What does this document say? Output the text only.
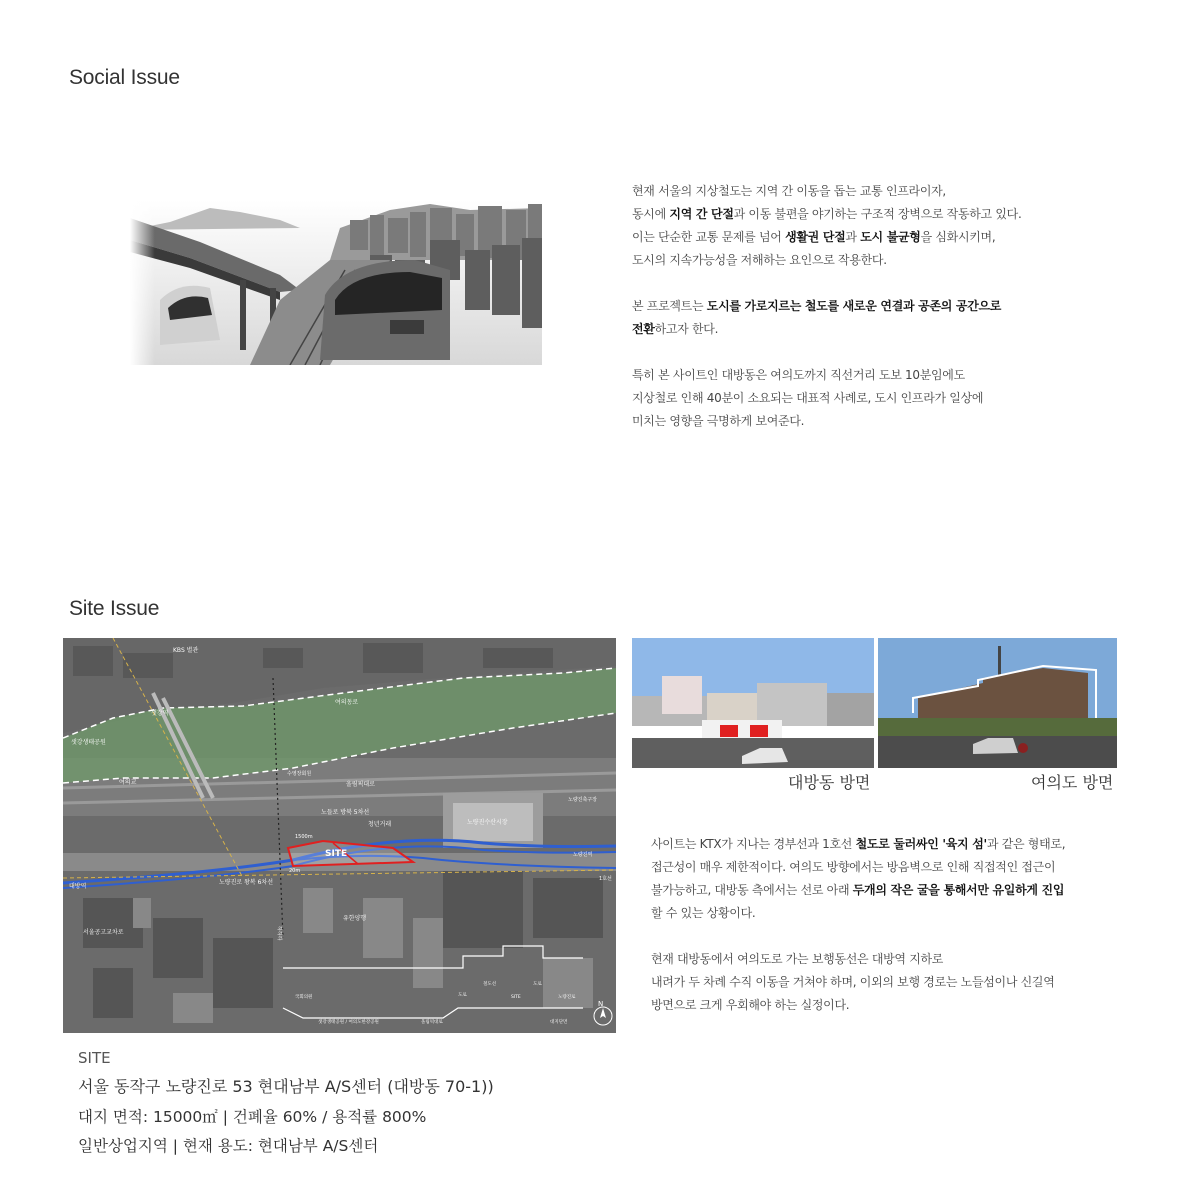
Social Issue

현재 서울의 지상철도는 지역 간 이동을 돕는 교통 인프라이자,

동시에 지역 간 단절과 이동 불편을 야기하는 구조적 장벽으로 작동하고 있다.

이는 단순한 교통 문제를 넘어 생활권 단절과 도시 불균형을 심화시키며,

도시의 지속가능성을 저해하는 요인으로 작용한다.

본 프로젝트는 도시를 가로지르는 철도를 새로운 연결과 공존의 공간으로

전환하고자 한다.

특히 본 사이트인 대방동은 여의도까지 직선거리 도보 10분임에도

지상철로 인해 40분이 소요되는 대표적 사례로, 도시 인프라가 일상에

미치는 영향을 극명하게 보여준다.

Site Issue
KBS 별관
샛강역
여의동로
샛강생태공원
여의교
수영장회원
올림픽대로
노량진축구장
노량진수산시장
노들로 방북 5차선
청년거래
1500m
20m
SITE	노량진역
대방역
노량진로 왕복 6차선
유한양행
서울공고교차로	하하하
1호선
N
국회의원
샛강생태공원 / 여의도한강공원	올림픽대로
도로
철도선
SITE
도로
노량진로
대지단면
대방동 방면	여의도 방면

사이트는 KTX가 지나는 경부선과 1호선 철도로 둘러싸인 '육지 섬'과 같은 형태로,

접근성이 매우 제한적이다. 여의도 방향에서는 방음벽으로 인해 직접적인 접근이

불가능하고, 대방동 측에서는 선로 아래 두개의 작은 굴을 통해서만 유일하게 진입

할 수 있는 상황이다.

현재 대방동에서 여의도로 가는 보행동선은 대방역 지하로

내려가 두 차례 수직 이동을 거쳐야 하며, 이외의 보행 경로는 노들섬이나 신길역

방면으로 크게 우회해야 하는 실정이다.

SITE
서울 동작구 노량진로 53 현대남부 A/S센터 (대방동 70-1))
대지 면적: 15000㎡ | 건폐율 60% / 용적률 800%
일반상업지역 | 현재 용도: 현대남부 A/S센터
